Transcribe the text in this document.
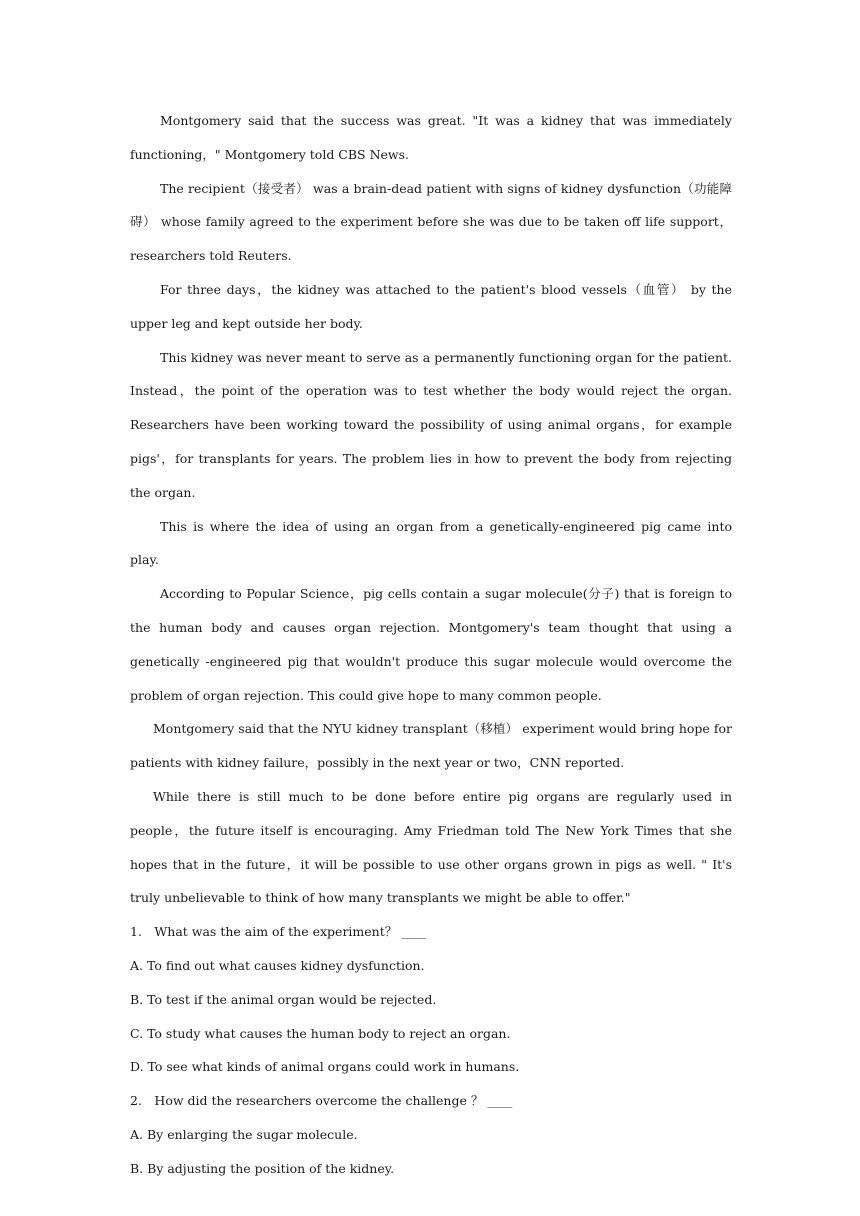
Montgomery said that the success was great. "It was a kidney that was immediately functioning，" Montgomery told CBS News.

The recipient（接受者） was a brain-dead patient with signs of kidney dysfunction（功能障碍） whose family agreed to the experiment before she was due to be taken off life support，researchers told Reuters.

For three days，the kidney was attached to the patient's blood vessels（血管） by the upper leg and kept outside her body.

This kidney was never meant to serve as a permanently functioning organ for the patient. Instead，the point of the operation was to test whether the body would reject the organ. Researchers have been working toward the possibility of using animal organs，for example pigs'，for transplants for years. The problem lies in how to prevent the body from rejecting the organ.

This is where the idea of using an organ from a genetically-engineered pig came into play.

According to Popular Science，pig cells contain a sugar molecule(分子) that is foreign to the human body and causes organ rejection. Montgomery's team thought that using a genetically -engineered pig that wouldn't produce this sugar molecule would overcome the problem of organ rejection. This could give hope to many common people.

Montgomery said that the NYU kidney transplant（移植） experiment would bring hope for patients with kidney failure，possibly in the next year or two，CNN reported.

While there is still much to be done before entire pig organs are regularly used in people，the future itself is encouraging. Amy Friedman told The New York Times that she hopes that in the future，it will be possible to use other organs grown in pigs as well. " It's truly unbelievable to think of how many transplants we might be able to offer."

1.　What was the aim of the experiment？ ____

A. To find out what causes kidney dysfunction.

B. To test if the animal organ would be rejected.

C. To study what causes the human body to reject an organ.

D. To see what kinds of animal organs could work in humans.

2.　How did the researchers overcome the challenge ？ ____

A. By enlarging the sugar molecule.

B. By adjusting the position of the kidney.
